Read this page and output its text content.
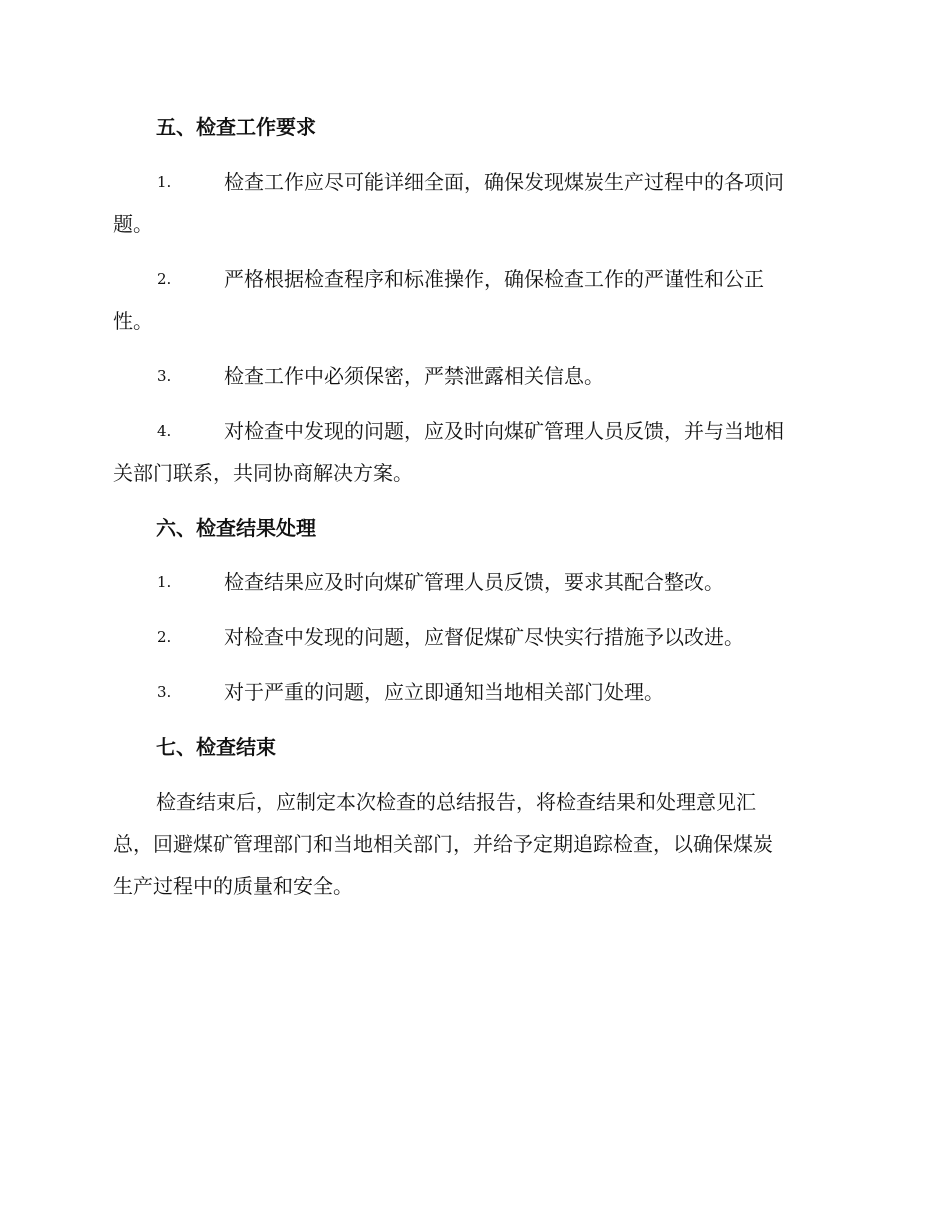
五、检查工作要求
1.	检查工作应尽可能详细全面，确保发现煤炭生产过程中的各项问
题。
2.	严格根据检查程序和标准操作，确保检查工作的严谨性和公正
性。
3.	检查工作中必须保密，严禁泄露相关信息。
4.	对检查中发现的问题，应及时向煤矿管理人员反馈，并与当地相
关部门联系，共同协商解决方案。
六、检查结果处理
1.	检查结果应及时向煤矿管理人员反馈，要求其配合整改。
2.	对检查中发现的问题，应督促煤矿尽快实行措施予以改进。
3.	对于严重的问题，应立即通知当地相关部门处理。
七、检查结束
检查结束后，应制定本次检查的总结报告，将检查结果和处理意见汇
总，回避煤矿管理部门和当地相关部门，并给予定期追踪检查，以确保煤炭
生产过程中的质量和安全。
